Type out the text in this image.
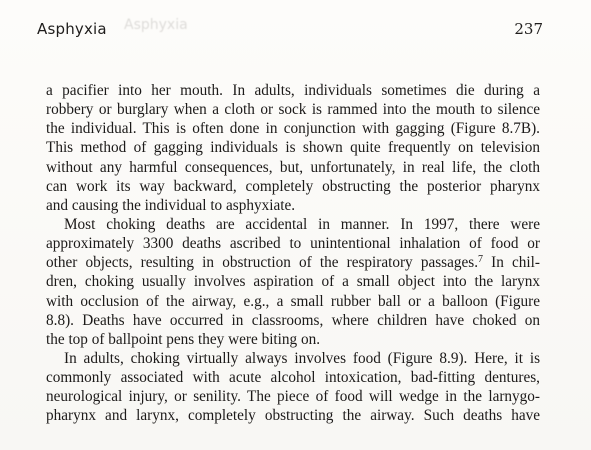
Asphyxia Asphyxia	237
a pacifier into her mouth. In adults, individuals sometimes die during a
robbery or burglary when a cloth or sock is rammed into the mouth to silence
the individual. This is often done in conjunction with gagging (Figure 8.7B).
This method of gagging individuals is shown quite frequently on television
without any harmful consequences, but, unfortunately, in real life, the cloth
can work its way backward, completely obstructing the posterior pharynx
and causing the individual to asphyxiate.
Most choking deaths are accidental in manner. In 1997, there were
approximately 3300 deaths ascribed to unintentional inhalation of food or
other objects, resulting in obstruction of the respiratory passages.$^7$ In chil-
dren, choking usually involves aspiration of a small object into the larynx
with occlusion of the airway, e.g., a small rubber ball or a balloon (Figure
8.8). Deaths have occurred in classrooms, where children have choked on
the top of ballpoint pens they were biting on.
In adults, choking virtually always involves food (Figure 8.9). Here, it is
commonly associated with acute alcohol intoxication, bad-fitting dentures,
neurological injury, or senility. The piece of food will wedge in the larnygo-
pharynx and larynx, completely obstructing the airway. Such deaths have
